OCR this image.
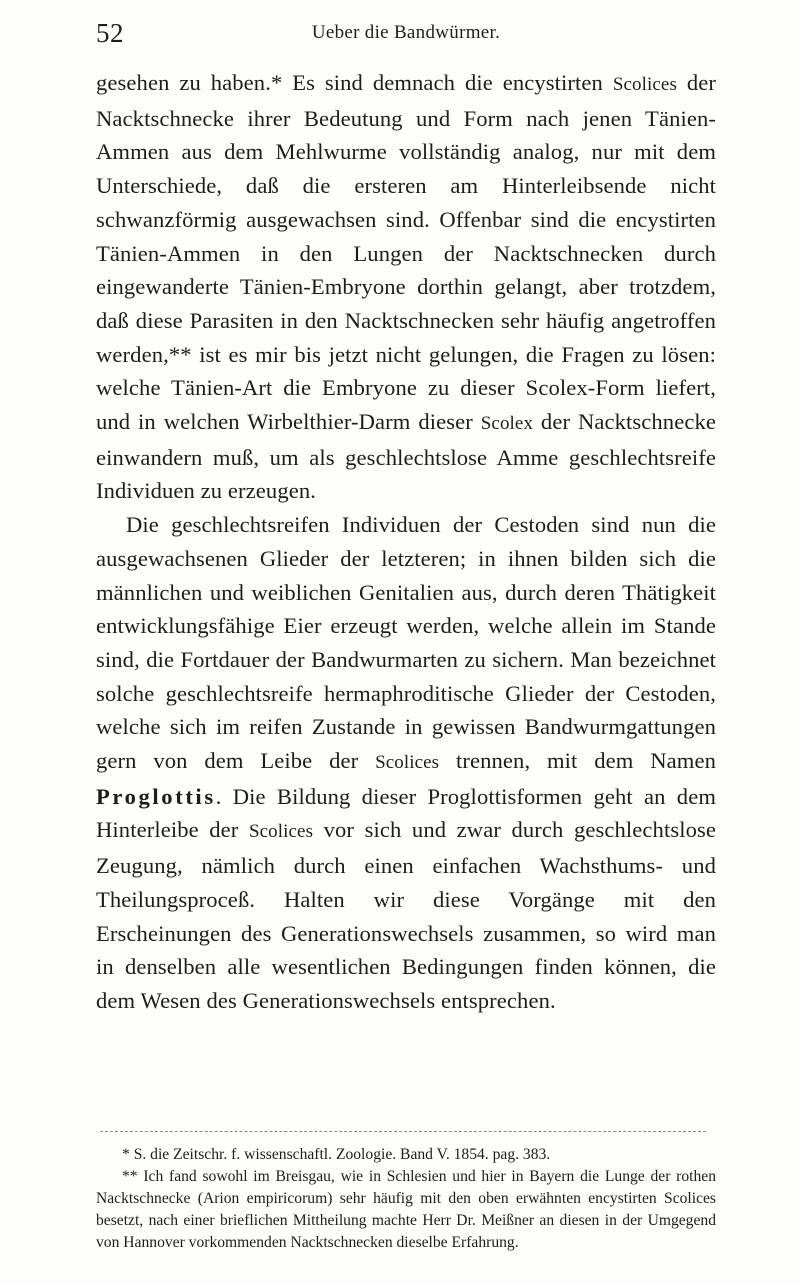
52	Ueber die Bandwürmer.

gesehen zu haben.* Es sind demnach die encystirten Scolices der Nacktschnecke ihrer Bedeutung und Form nach jenen Tänien-Ammen aus dem Mehlwurme vollständig analog, nur mit dem Unterschiede, daß die ersteren am Hinterleibsende nicht schwanzförmig ausgewachsen sind. Offenbar sind die encystirten Tänien-Ammen in den Lungen der Nacktschnecken durch eingewanderte Tänien-Embryone dorthin gelangt, aber trotzdem, daß diese Parasiten in den Nacktschnecken sehr häufig angetroffen werden,** ist es mir bis jetzt nicht gelungen, die Fragen zu lösen: welche Tänien-Art die Embryone zu dieser Scolex-Form liefert, und in welchen Wirbelthier-Darm dieser Scolex der Nacktschnecke einwandern muß, um als geschlechtslose Amme geschlechtsreife Individuen zu erzeugen.

Die geschlechtsreifen Individuen der Cestoden sind nun die ausgewachsenen Glieder der letzteren; in ihnen bilden sich die männlichen und weiblichen Genitalien aus, durch deren Thätigkeit entwicklungsfähige Eier erzeugt werden, welche allein im Stande sind, die Fortdauer der Bandwurmarten zu sichern. Man bezeichnet solche geschlechtsreife hermaphroditische Glieder der Cestoden, welche sich im reifen Zustande in gewissen Bandwurmgattungen gern von dem Leibe der Scolices trennen, mit dem Namen Proglottis. Die Bildung dieser Proglottisformen geht an dem Hinterleibe der Scolices vor sich und zwar durch geschlechtslose Zeugung, nämlich durch einen einfachen Wachsthums- und Theilungsproceß. Halten wir diese Vorgänge mit den Erscheinungen des Generationswechsels zusammen, so wird man in denselben alle wesentlichen Bedingungen finden können, die dem Wesen des Generationswechsels entsprechen.

* S. die Zeitschr. f. wissenschaftl. Zoologie. Band V. 1854. pag. 383.

** Ich fand sowohl im Breisgau, wie in Schlesien und hier in Bayern die Lunge der rothen Nacktschnecke (Arion empiricorum) sehr häufig mit den oben erwähnten encystirten Scolices besetzt, nach einer brieflichen Mittheilung machte Herr Dr. Meißner an diesen in der Umgegend von Hannover vorkommenden Nacktschnecken dieselbe Erfahrung.
